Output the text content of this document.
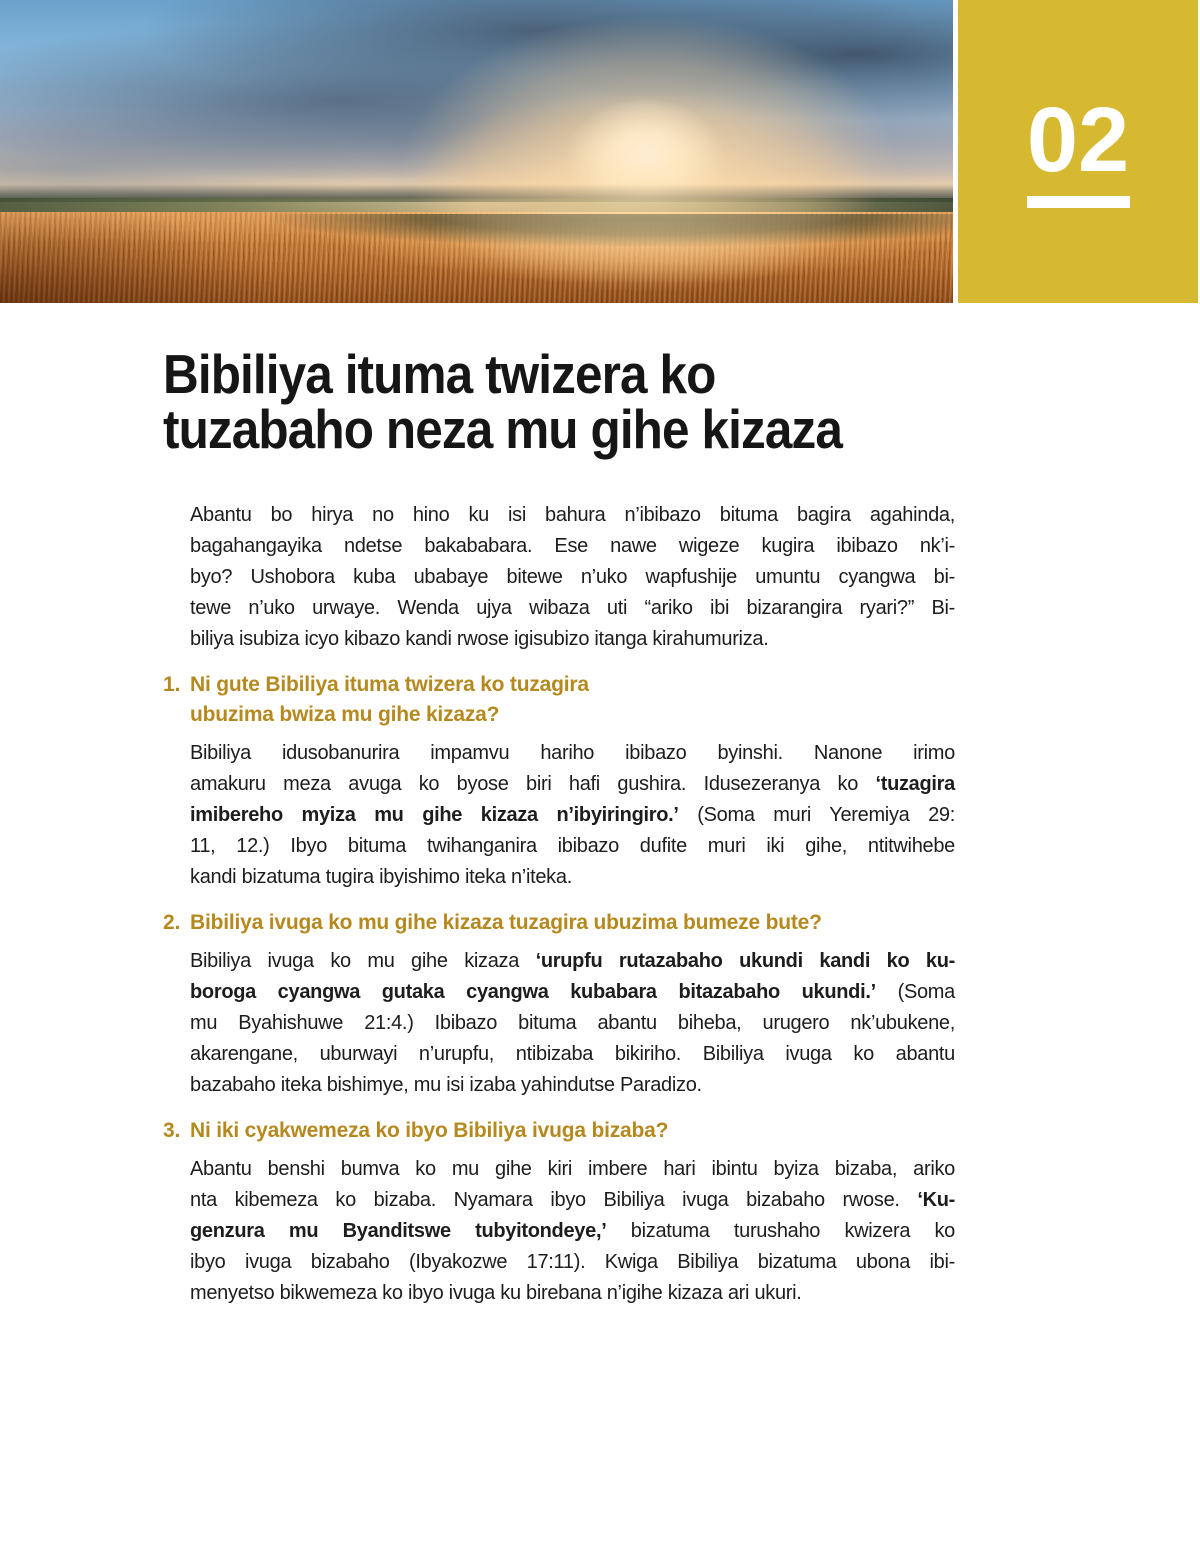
02
Bibiliya ituma twizera ko
tuzabaho neza mu gihe kizaza
Abantu bo hirya no hino ku isi bahura n’ibibazo bituma bagira agahinda,
bagahangayika ndetse bakababara. Ese nawe wigeze kugira ibibazo nk’i-
byo? Ushobora kuba ubabaye bitewe n’uko wapfushije umuntu cyangwa bi-
tewe n’uko urwaye. Wenda ujya wibaza uti “ariko ibi bizarangira ryari?” Bi-
biliya isubiza icyo kibazo kandi rwose igisubizo itanga kirahumuriza.
1. Ni gute Bibiliya ituma twizera ko tuzagira
ubuzima bwiza mu gihe kizaza?
Bibiliya idusobanurira impamvu hariho ibibazo byinshi. Nanone irimo
amakuru meza avuga ko byose biri hafi gushira. Idusezeranya ko ‘tuzagira
imibereho myiza mu gihe kizaza n’ibyiringiro.’ (Soma muri Yeremiya 29:
11, 12.) Ibyo bituma twihanganira ibibazo dufite muri iki gihe, ntitwihebe
kandi bizatuma tugira ibyishimo iteka n’iteka.
2. Bibiliya ivuga ko mu gihe kizaza tuzagira ubuzima bumeze bute?
Bibiliya ivuga ko mu gihe kizaza ‘urupfu rutazabaho ukundi kandi ko ku-
boroga cyangwa gutaka cyangwa kubabara bitazabaho ukundi.’ (Soma
mu Byahishuwe 21:4.) Ibibazo bituma abantu biheba, urugero nk’ubukene,
akarengane, uburwayi n’urupfu, ntibizaba bikiriho. Bibiliya ivuga ko abantu
bazabaho iteka bishimye, mu isi izaba yahindutse Paradizo.
3. Ni iki cyakwemeza ko ibyo Bibiliya ivuga bizaba?
Abantu benshi bumva ko mu gihe kiri imbere hari ibintu byiza bizaba, ariko
nta kibemeza ko bizaba. Nyamara ibyo Bibiliya ivuga bizabaho rwose. ‘Ku-
genzura mu Byanditswe tubyitondeye,’ bizatuma turushaho kwizera ko
ibyo ivuga bizabaho (Ibyakozwe 17:11). Kwiga Bibiliya bizatuma ubona ibi-
menyetso bikwemeza ko ibyo ivuga ku birebana n’igihe kizaza ari ukuri.
